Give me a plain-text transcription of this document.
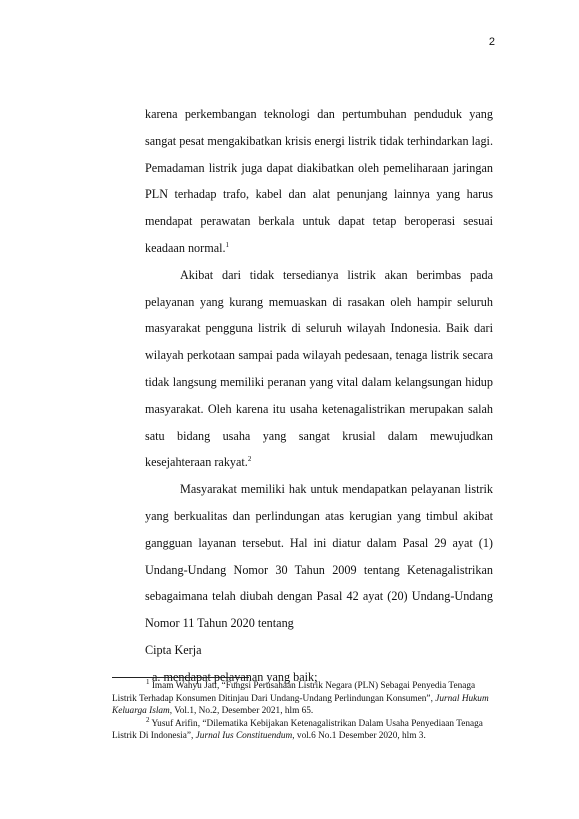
2

karena perkembangan teknologi dan pertumbuhan penduduk yang sangat pesat mengakibatkan krisis energi listrik tidak terhindarkan lagi. Pemadaman listrik juga dapat diakibatkan oleh pemeliharaan jaringan PLN terhadap trafo, kabel dan alat penunjang lainnya yang harus mendapat perawatan berkala untuk dapat tetap beroperasi sesuai keadaan normal.$^1$

Akibat dari tidak tersedianya listrik akan berimbas pada pelayanan yang kurang memuaskan di rasakan oleh hampir seluruh masyarakat pengguna listrik di seluruh wilayah Indonesia. Baik dari wilayah perkotaan sampai pada wilayah pedesaan, tenaga listrik secara tidak langsung memiliki peranan yang vital dalam kelangsungan hidup masyarakat. Oleh karena itu usaha ketenagalistrikan merupakan salah satu bidang usaha yang sangat krusial dalam mewujudkan kesejahteraan rakyat.$^2$

Masyarakat memiliki hak untuk mendapatkan pelayanan listrik yang berkualitas dan perlindungan atas kerugian yang timbul akibat gangguan layanan tersebut. Hal ini diatur dalam Pasal 29 ayat (1) Undang-Undang Nomor 30 Tahun 2009 tentang Ketenagalistrikan sebagaimana telah diubah dengan Pasal 42 ayat (20) Undang-Undang Nomor 11 Tahun 2020 tentang

Cipta Kerja

a. mendapat pelayanan yang baik;

$^1$ Imam Wahyu Jati, “Fungsi Perusahaan Listrik Negara (PLN) Sebagai Penyedia Tenaga Listrik Terhadap Konsumen Ditinjau Dari Undang-Undang Perlindungan Konsumen”, Jurnal Hukum Keluarga Islam, Vol.1, No.2, Desember 2021, hlm 65.

$^2$ Yusuf Arifin, “Dilematika Kebijakan Ketenagalistrikan Dalam Usaha Penyediaan Tenaga Listrik Di Indonesia”, Jurnal Ius Constituendum, vol.6 No.1 Desember 2020, hlm 3.
